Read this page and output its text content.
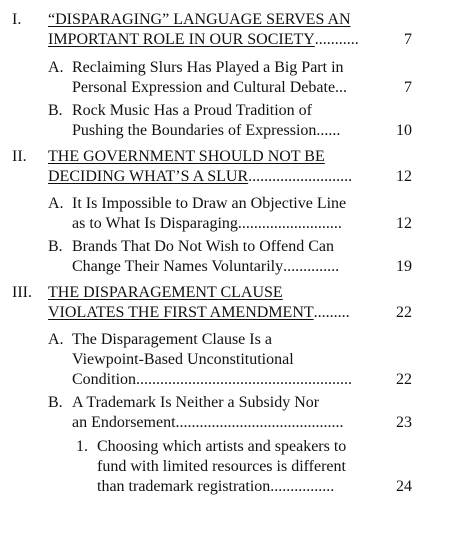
I. “DISPARAGING” LANGUAGE SERVES AN
IMPORTANT ROLE IN OUR SOCIETY ...........	7
A. Reclaiming Slurs Has Played a Big Part in
Personal Expression and Cultural Debate ...	7
B. Rock Music Has a Proud Tradition of
Pushing the Boundaries of Expression ......	10
II. THE GOVERNMENT SHOULD NOT BE
DECIDING WHAT’S A SLUR ..........................	12
A. It Is Impossible to Draw an Objective Line
as to What Is Disparaging ..........................	12
B. Brands That Do Not Wish to Offend Can
Change Their Names Voluntarily ..............	19
III. THE DISPARAGEMENT CLAUSE
VIOLATES THE FIRST AMENDMENT .........	22
A. The Disparagement Clause Is a
Viewpoint-Based Unconstitutional
Condition ......................................................	22
B. A Trademark Is Neither a Subsidy Nor
an Endorsement ..........................................	23
1. Choosing which artists and speakers to
fund with limited resources is different
than trademark registration. ...............	24
